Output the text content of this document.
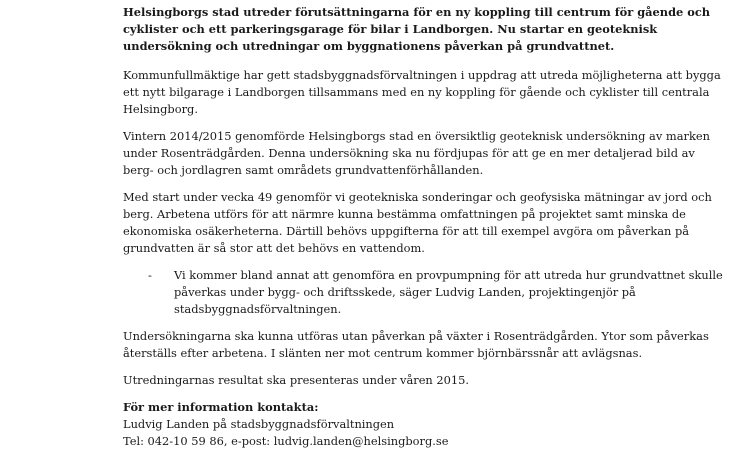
Helsingborgs stad utreder förutsättningarna för en ny koppling till centrum för gående och cyklister och ett parkeringsgarage för bilar i Landborgen. Nu startar en geoteknisk undersökning och utredningar om byggnationens påverkan på grundvattnet.

Kommunfullmäktige har gett stadsbyggnadsförvaltningen i uppdrag att utreda möjligheterna att bygga ett nytt bilgarage i Landborgen tillsammans med en ny koppling för gående och cyklister till centrala Helsingborg.

Vintern 2014/2015 genomförde Helsingborgs stad en översiktlig geoteknisk undersökning av marken under Rosenträdgården. Denna undersökning ska nu fördjupas för att ge en mer detaljerad bild av berg- och jordlagren samt områdets grundvattenförhållanden.

Med start under vecka 49 genomför vi geotekniska sonderingar och geofysiska mätningar av jord och berg. Arbetena utförs för att närmre kunna bestämma omfattningen på projektet samt minska de ekonomiska osäkerheterna. Därtill behövs uppgifterna för att till exempel avgöra om påverkan på grundvatten är så stor att det behövs en vattendom.

-	Vi kommer bland annat att genomföra en provpumpning för att utreda hur grundvattnet skulle påverkas under bygg- och driftsskede, säger Ludvig Landen, projektingenjör på stadsbyggnadsförvaltningen.

Undersökningarna ska kunna utföras utan påverkan på växter i Rosenträdgården. Ytor som påverkas återställs efter arbetena. I slänten ner mot centrum kommer björnbärssnår att avlägsnas.

Utredningarnas resultat ska presenteras under våren 2015.

För mer information kontakta:

Ludvig Landen på stadsbyggnadsförvaltningen

Tel: 042-10 59 86, e-post: ludvig.landen@helsingborg.se
